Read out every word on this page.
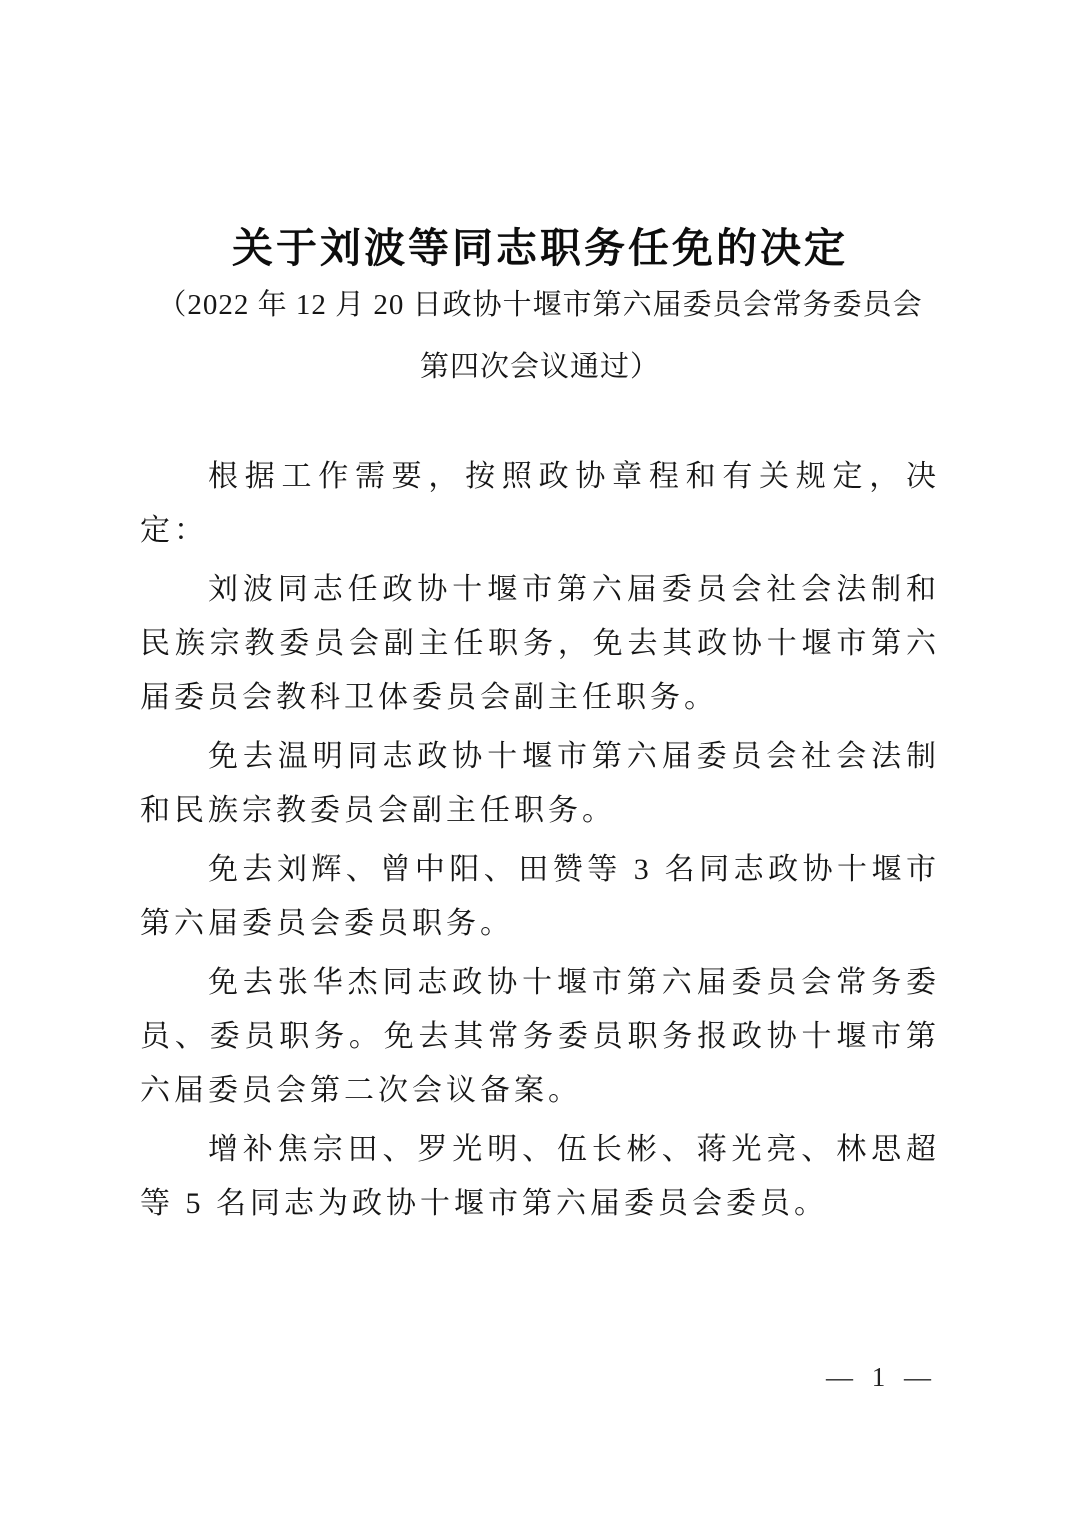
关于刘波等同志职务任免的决定
（2022 年 12 月 20 日政协十堰市第六届委员会常务委员会
第四次会议通过）

根据工作需要，按照政协章程和有关规定，决定：

刘波同志任政协十堰市第六届委员会社会法制和民族宗教委员会副主任职务，免去其政协十堰市第六届委员会教科卫体委员会副主任职务。

免去温明同志政协十堰市第六届委员会社会法制和民族宗教委员会副主任职务。

免去刘辉、曾中阳、田赞等 3 名同志政协十堰市第六届委员会委员职务。

免去张华杰同志政协十堰市第六届委员会常务委员、委员职务。免去其常务委员职务报政协十堰市第六届委员会第二次会议备案。

增补焦宗田、罗光明、伍长彬、蒋光亮、林思超等 5 名同志为政协十堰市第六届委员会委员。

— 1 —
